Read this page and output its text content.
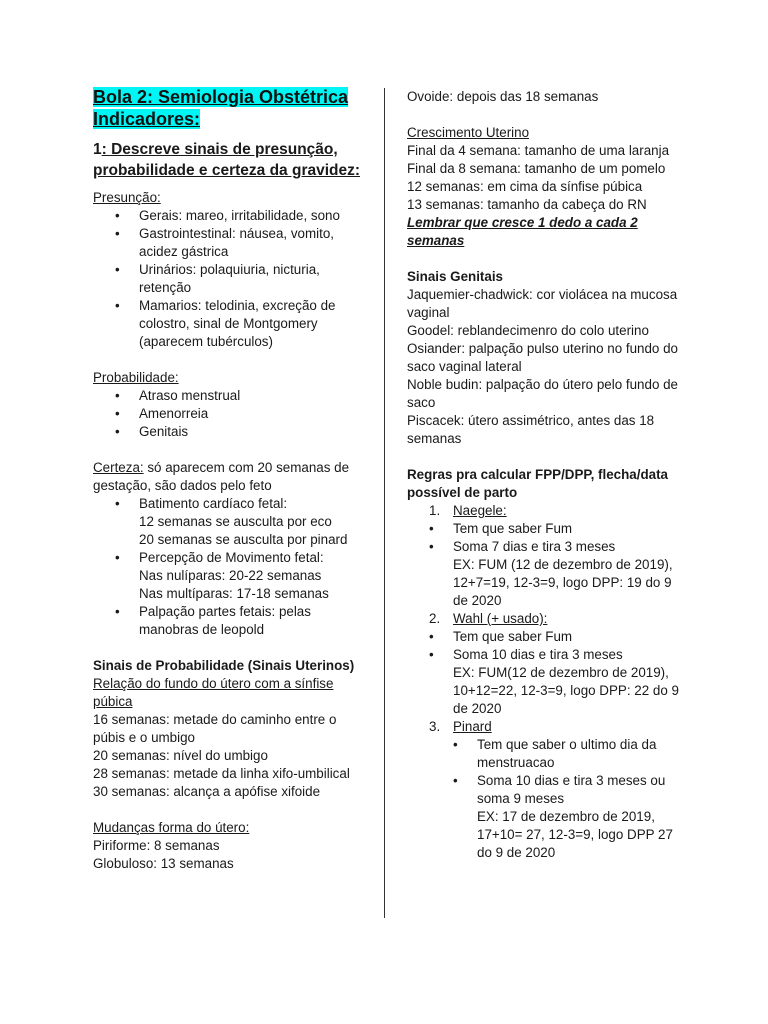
Bola 2: Semiologia Obstétrica
Indicadores:
1: Descreve sinais de presunção, probabilidade e certeza da gravidez:
Presunção:
• Gerais: mareo, irritabilidade, sono
• Gastrointestinal: náusea, vomito, acidez gástrica
• Urinários: polaquiuria, nicturia, retenção
• Mamarios: telodinia, excreção de colostro, sinal de Montgomery (aparecem tubérculos)
Probabilidade:
• Atraso menstrual
• Amenorreia
• Genitais
Certeza: só aparecem com 20 semanas de gestação, são dados pelo feto
• Batimento cardíaco fetal:
12 semanas se ausculta por eco
20 semanas se ausculta por pinard
• Percepção de Movimento fetal:
Nas nulíparas: 20-22 semanas
Nas multíparas: 17-18 semanas
• Palpação partes fetais: pelas manobras de leopold
Sinais de Probabilidade (Sinais Uterinos)
Relação do fundo do útero com a sínfise púbica
16 semanas: metade do caminho entre o púbis e o umbigo
20 semanas: nível do umbigo
28 semanas: metade da linha xifo-umbilical
30 semanas: alcança a apófise xifoide
Mudanças forma do útero:
Piriforme: 8 semanas
Globuloso: 13 semanas
Ovoide: depois das 18 semanas
Crescimento Uterino
Final da 4 semana: tamanho de uma laranja
Final da 8 semana: tamanho de um pomelo
12 semanas: em cima da sínfise púbica
13 semanas: tamanho da cabeça do RN
Lembrar que cresce 1 dedo a cada 2 semanas
Sinais Genitais
Jaquemier-chadwick: cor violácea na mucosa vaginal
Goodel: reblandecimenro do colo uterino
Osiander: palpação pulso uterino no fundo do saco vaginal lateral
Noble budin: palpação do útero pelo fundo de saco
Piscacek: útero assimétrico, antes das 18 semanas
Regras pra calcular FPP/DPP, flecha/data possível de parto
1. Naegele:
• Tem que saber Fum
• Soma 7 dias e tira 3 meses
EX: FUM (12 de dezembro de 2019), 12+7=19, 12-3=9, logo DPP: 19 do 9 de 2020
2. Wahl (+ usado):
• Tem que saber Fum
• Soma 10 dias e tira 3 meses
EX: FUM(12 de dezembro de 2019), 10+12=22, 12-3=9, logo DPP: 22 do 9 de 2020
3. Pinard
• Tem que saber o ultimo dia da menstruacao
• Soma 10 dias e tira 3 meses ou soma 9 meses
EX: 17 de dezembro de 2019, 17+10= 27, 12-3=9, logo DPP 27 do 9 de 2020
